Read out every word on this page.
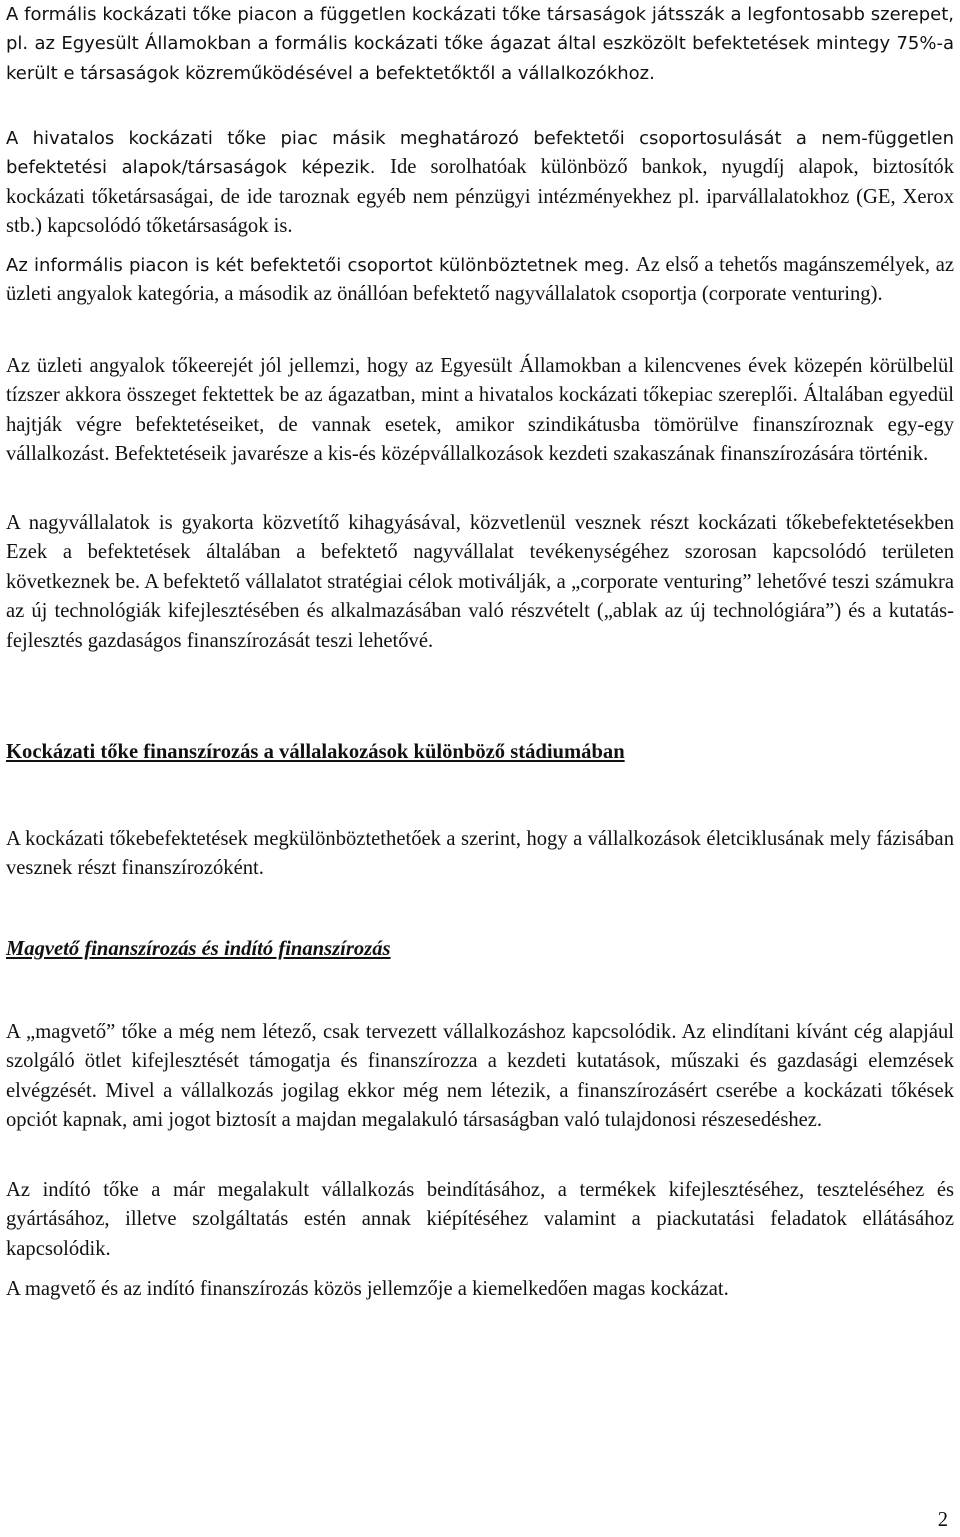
A formális kockázati tőke piacon a független kockázati tőke társaságok játsszák a legfontosabb szerepet, pl. az Egyesült Államokban a formális kockázati tőke ágazat által eszközölt befektetések mintegy 75%-a került e társaságok közreműködésével a befektetőktől a vállalkozókhoz.

A hivatalos kockázati tőke piac másik meghatározó befektetői csoportosulását a nem-független befektetési alapok/társaságok képezik. Ide sorolhatóak különböző bankok, nyugdíj alapok, biztosítók kockázati tőketársaságai, de ide taroznak egyéb nem pénzügyi intézményekhez pl. iparvállalatokhoz (GE, Xerox stb.) kapcsolódó tőketársaságok is.

Az informális piacon is két befektetői csoportot különböztetnek meg. Az első a tehetős magánszemélyek, az üzleti angyalok kategória, a második az önállóan befektető nagyvállalatok csoportja (corporate venturing).

Az üzleti angyalok tőkeerejét jól jellemzi, hogy az Egyesült Államokban a kilencvenes évek közepén körülbelül tízszer akkora összeget fektettek be az ágazatban, mint a hivatalos kockázati tőkepiac szereplői. Általában egyedül hajtják végre befektetéseiket, de vannak esetek, amikor szindikátusba tömörülve finanszíroznak egy-egy vállalkozást. Befektetéseik javarésze a kis-és középvállalkozások kezdeti szakaszának finanszírozására történik.

A nagyvállalatok is gyakorta közvetítő kihagyásával, közvetlenül vesznek részt kockázati tőkebefektetésekben Ezek a befektetések általában a befektető nagyvállalat tevékenységéhez szorosan kapcsolódó területen következnek be. A befektető vállalatot stratégiai célok motiválják, a „corporate venturing” lehetővé teszi számukra az új technológiák kifejlesztésében és alkalmazásában való részvételt („ablak az új technológiára”) és a kutatás-fejlesztés gazdaságos finanszírozását teszi lehetővé.

Kockázati tőke finanszírozás a vállalakozások különböző stádiumában

A kockázati tőkebefektetések megkülönböztethetőek a szerint, hogy a vállalkozások életciklusának mely fázisában vesznek részt finanszírozóként.

Magvető finanszírozás és indító finanszírozás

A „magvető” tőke a még nem létező, csak tervezett vállalkozáshoz kapcsolódik. Az elindítani kívánt cég alapjául szolgáló ötlet kifejlesztését támogatja és finanszírozza a kezdeti kutatások, műszaki és gazdasági elemzések elvégzését. Mivel a vállalkozás jogilag ekkor még nem létezik, a finanszírozásért cserébe a kockázati tőkések opciót kapnak, ami jogot biztosít a majdan megalakuló társaságban való tulajdonosi részesedéshez.

Az indító tőke a már megalakult vállalkozás beindításához, a termékek kifejlesztéséhez, teszteléséhez és gyártásához, illetve szolgáltatás estén annak kiépítéséhez valamint a piackutatási feladatok ellátásához kapcsolódik.

A magvető és az indító finanszírozás közös jellemzője a kiemelkedően magas kockázat.

2
